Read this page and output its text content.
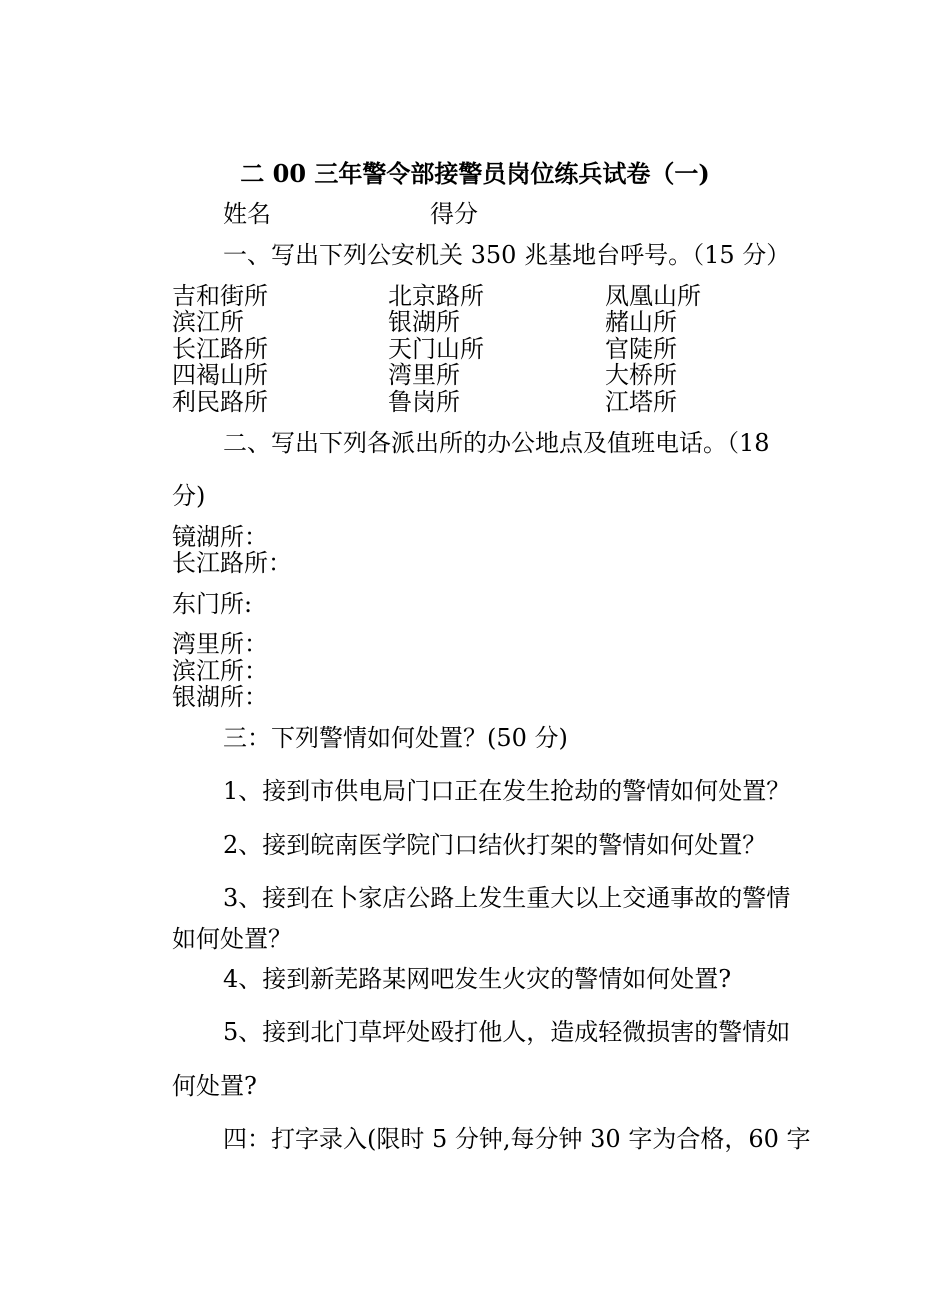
二 00 三年警令部接警员岗位练兵试卷（一)
姓名	得分
一、写出下列公安机关 350 兆基地台呼号。（15 分）
吉和街所	北京路所	凤凰山所
滨江所	银湖所	赭山所
长江路所	天门山所	官陡所
四褐山所	湾里所	大桥所
利民路所	鲁岗所	江塔所
二、写出下列各派出所的办公地点及值班电话。（18
分)
镜湖所：
长江路所：
东门所:
湾里所：
滨江所：
银湖所：
三：下列警情如何处置？(50 分)
1、接到市供电局门口正在发生抢劫的警情如何处置？
2、接到皖南医学院门口结伙打架的警情如何处置？
3、接到在卜家店公路上发生重大以上交通事故的警情
如何处置？
4、接到新芜路某网吧发生火灾的警情如何处置?
5、接到北门草坪处殴打他人，造成轻微损害的警情如
何处置?
四：打字录入(限时 5 分钟,每分钟 30 字为合格，60 字
